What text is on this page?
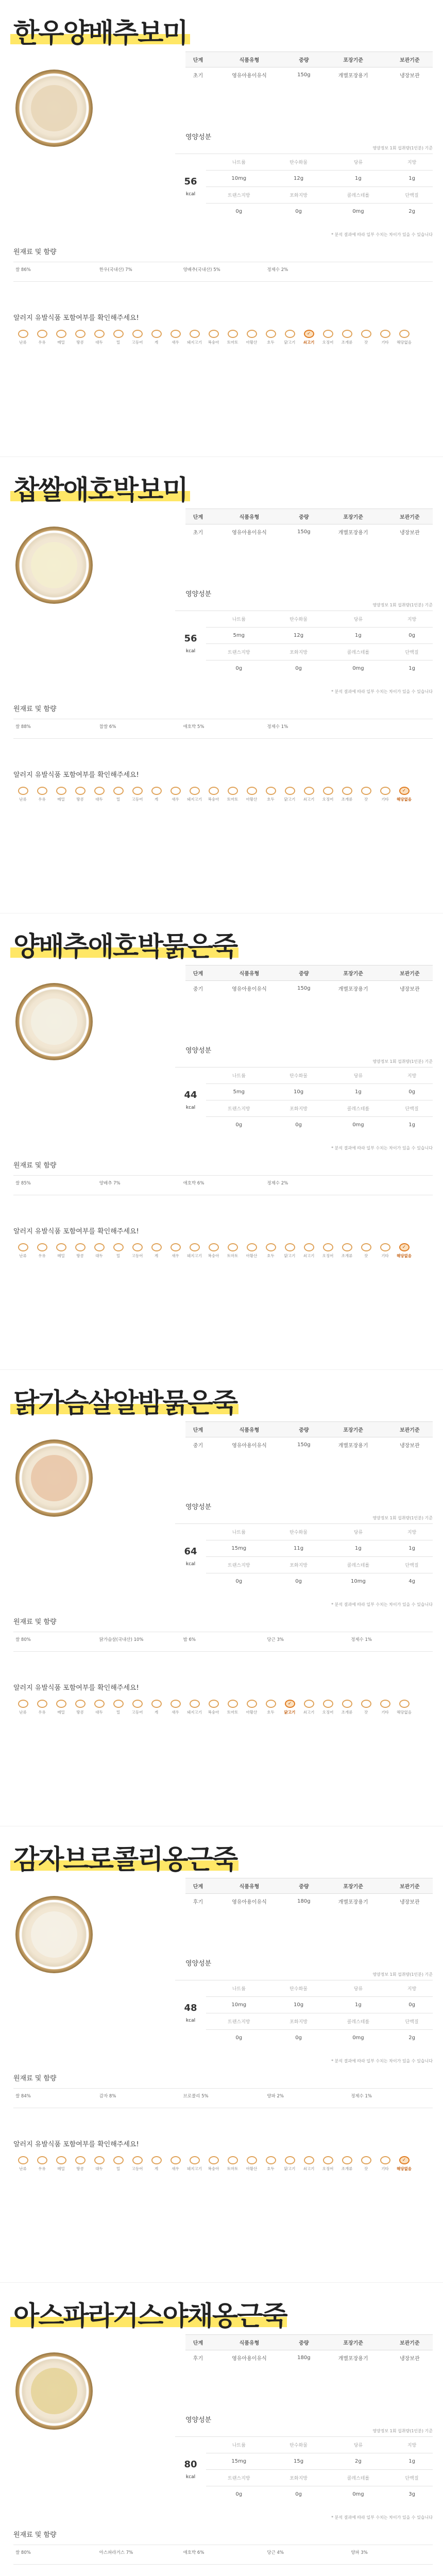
한우양배추보미
단계	식품유형	중량	포장기준	보관기준
초기	영유아용이유식	150g	개별포장용기	냉장보관
영양성분
영양정보 1회 섭취량(1인분) 기준
56
kcal	나트륨	탄수화물	당류	지방
	10mg	12g	1g	1g
	트랜스지방	포화지방	콜레스테롤	단백질
	0g	0g	0mg	2g
* 분석 결과에 따라 일부 수치는 차이가 있을 수 있습니다
원재료 및 함량
쌀 86%	한우(국내산) 7%	양배추(국내산) 5%	정제수 2%	
알러지 유발식품 포함여부를 확인해주세요!
난류	우유	메밀	땅콩	대두	밀	고등어	게	새우	돼지고기	복숭아	토마토	아황산	호두	닭고기
✓
쇠고기	오징어	조개류	잣	기타	해당없음
찹쌀애호박보미
단계	식품유형	중량	포장기준	보관기준
초기	영유아용이유식	150g	개별포장용기	냉장보관
영양성분
영양정보 1회 섭취량(1인분) 기준
56
kcal	나트륨	탄수화물	당류	지방
	5mg	12g	1g	0g
	트랜스지방	포화지방	콜레스테롤	단백질
	0g	0g	0mg	1g
* 분석 결과에 따라 일부 수치는 차이가 있을 수 있습니다
원재료 및 함량
쌀 88%	찹쌀 6%	애호박 5%	정제수 1%	
알러지 유발식품 포함여부를 확인해주세요!
난류	우유	메밀	땅콩	대두	밀	고등어	게	새우	돼지고기	복숭아	토마토	아황산	호두	닭고기	쇠고기	오징어	조개류	잣	기타
✓
해당없음
양배추애호박묽은죽
단계	식품유형	중량	포장기준	보관기준
중기	영유아용이유식	150g	개별포장용기	냉장보관
영양성분
영양정보 1회 섭취량(1인분) 기준
44
kcal	나트륨	탄수화물	당류	지방
	5mg	10g	1g	0g
	트랜스지방	포화지방	콜레스테롤	단백질
	0g	0g	0mg	1g
* 분석 결과에 따라 일부 수치는 차이가 있을 수 있습니다
원재료 및 함량
쌀 85%	양배추 7%	애호박 6%	정제수 2%	
알러지 유발식품 포함여부를 확인해주세요!
난류	우유	메밀	땅콩	대두	밀	고등어	게	새우	돼지고기	복숭아	토마토	아황산	호두	닭고기	쇠고기	오징어	조개류	잣	기타
✓
해당없음
닭가슴살알밤묽은죽
단계	식품유형	중량	포장기준	보관기준
중기	영유아용이유식	150g	개별포장용기	냉장보관
영양성분
영양정보 1회 섭취량(1인분) 기준
64
kcal	나트륨	탄수화물	당류	지방
	15mg	11g	1g	1g
	트랜스지방	포화지방	콜레스테롤	단백질
	0g	0g	10mg	4g
* 분석 결과에 따라 일부 수치는 차이가 있을 수 있습니다
원재료 및 함량
쌀 80%	닭가슴살(국내산) 10%	밤 6%	당근 3%	정제수 1%
알러지 유발식품 포함여부를 확인해주세요!
난류	우유	메밀	땅콩	대두	밀	고등어	게	새우	돼지고기	복숭아	토마토	아황산	호두
✓
닭고기	쇠고기	오징어	조개류	잣	기타	해당없음
감자브로콜리옹근죽
단계	식품유형	중량	포장기준	보관기준
후기	영유아용이유식	180g	개별포장용기	냉장보관
영양성분
영양정보 1회 섭취량(1인분) 기준
48
kcal	나트륨	탄수화물	당류	지방
	10mg	10g	1g	0g
	트랜스지방	포화지방	콜레스테롤	단백질
	0g	0g	0mg	2g
* 분석 결과에 따라 일부 수치는 차이가 있을 수 있습니다
원재료 및 함량
쌀 84%	감자 8%	브로콜리 5%	양파 2%	정제수 1%
알러지 유발식품 포함여부를 확인해주세요!
난류	우유	메밀	땅콩	대두	밀	고등어	게	새우	돼지고기	복숭아	토마토	아황산	호두	닭고기	쇠고기	오징어	조개류	잣	기타
✓
해당없음
아스파라거스야채옹근죽
단계	식품유형	중량	포장기준	보관기준
후기	영유아용이유식	180g	개별포장용기	냉장보관
영양성분
영양정보 1회 섭취량(1인분) 기준
80
kcal	나트륨	탄수화물	당류	지방
	15mg	15g	2g	1g
	트랜스지방	포화지방	콜레스테롤	단백질
	0g	0g	0mg	3g
* 분석 결과에 따라 일부 수치는 차이가 있을 수 있습니다
원재료 및 함량
쌀 80%	아스파라거스 7%	애호박 6%	당근 4%	양파 3%
